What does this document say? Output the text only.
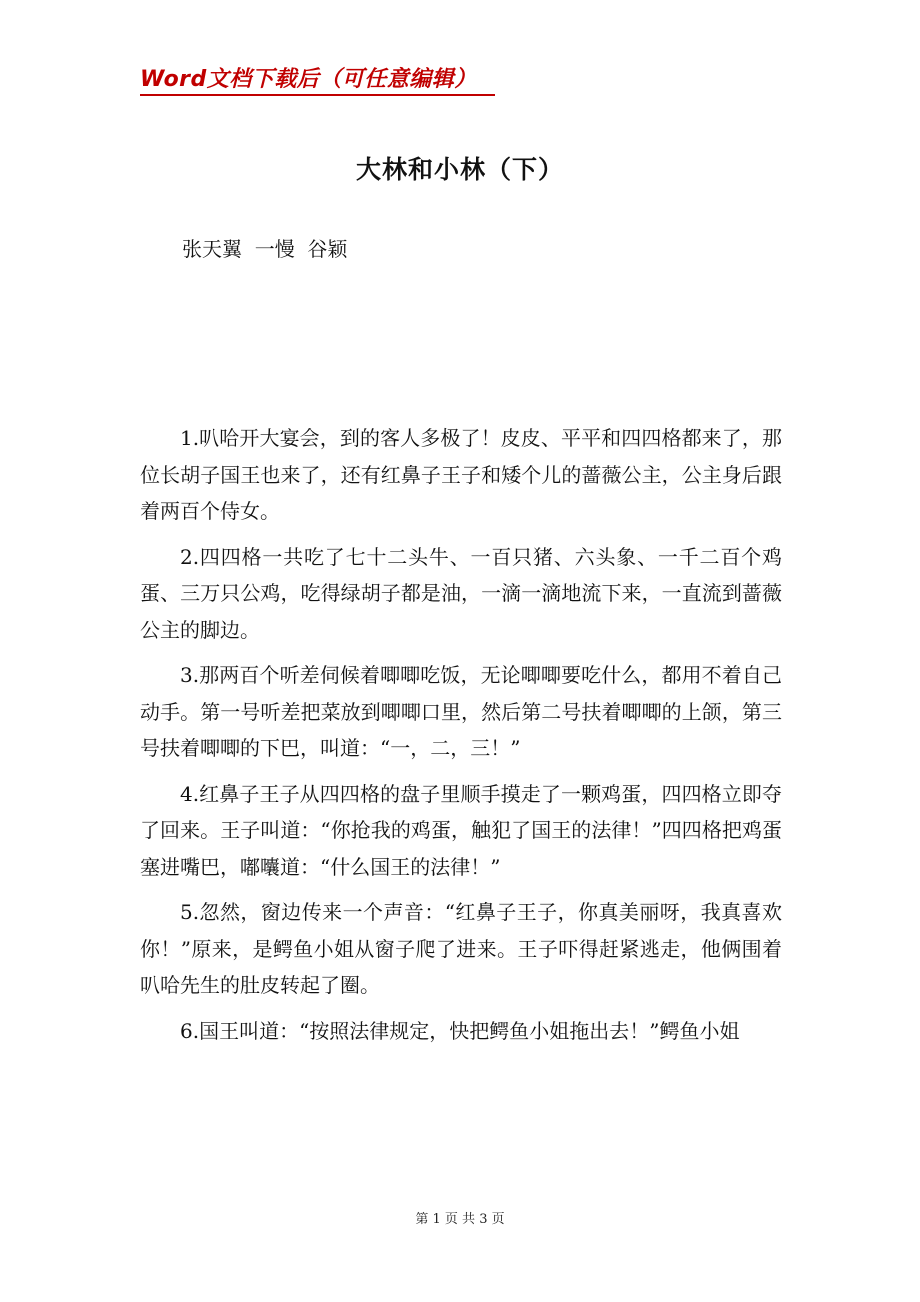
Word文档下载后（可任意编辑）
大林和小林（下）
张天翼  一慢  谷颖

1.叭哈开大宴会，到的客人多极了！皮皮、平平和四四格都来了，那位长胡子国王也来了，还有红鼻子王子和矮个儿的蔷薇公主，公主身后跟着两百个侍女。

2.四四格一共吃了七十二头牛、一百只猪、六头象、一千二百个鸡蛋、三万只公鸡，吃得绿胡子都是油，一滴一滴地流下来，一直流到蔷薇公主的脚边。

3.那两百个听差伺候着唧唧吃饭，无论唧唧要吃什么，都用不着自己动手。第一号听差把菜放到唧唧口里，然后第二号扶着唧唧的上颌，第三号扶着唧唧的下巴，叫道：“一，二，三！”

4.红鼻子王子从四四格的盘子里顺手摸走了一颗鸡蛋，四四格立即夺了回来。王子叫道：“你抢我的鸡蛋，触犯了国王的法律！”四四格把鸡蛋塞进嘴巴，嘟囔道：“什么国王的法律！”

5.忽然，窗边传来一个声音：“红鼻子王子，你真美丽呀，我真喜欢你！”原来，是鳄鱼小姐从窗子爬了进来。王子吓得赶紧逃走，他俩围着叭哈先生的肚皮转起了圈。

6.国王叫道：“按照法律规定，快把鳄鱼小姐拖出去！”鳄鱼小姐

第 1 页 共 3 页
